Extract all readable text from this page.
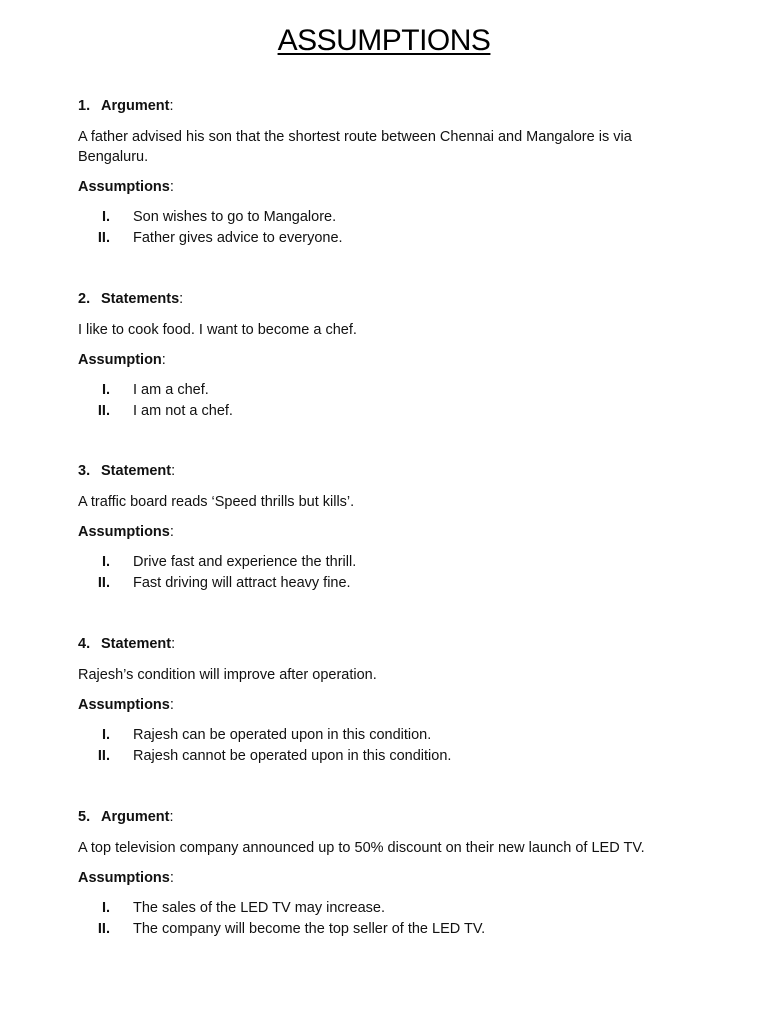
ASSUMPTIONS
1. Argument:
A father advised his son that the shortest route between Chennai and Mangalore is via Bengaluru.
Assumptions:
I. Son wishes to go to Mangalore.
II. Father gives advice to everyone.
2. Statements:
I like to cook food. I want to become a chef.
Assumption:
I. I am a chef.
II. I am not a chef.
3. Statement:
A traffic board reads ‘Speed thrills but kills’.
Assumptions:
I. Drive fast and experience the thrill.
II. Fast driving will attract heavy fine.
4. Statement:
Rajesh’s condition will improve after operation.
Assumptions:
I. Rajesh can be operated upon in this condition.
II. Rajesh cannot be operated upon in this condition.
5. Argument:
A top television company announced up to 50% discount on their new launch of LED TV.
Assumptions:
I. The sales of the LED TV may increase.
II. The company will become the top seller of the LED TV.
